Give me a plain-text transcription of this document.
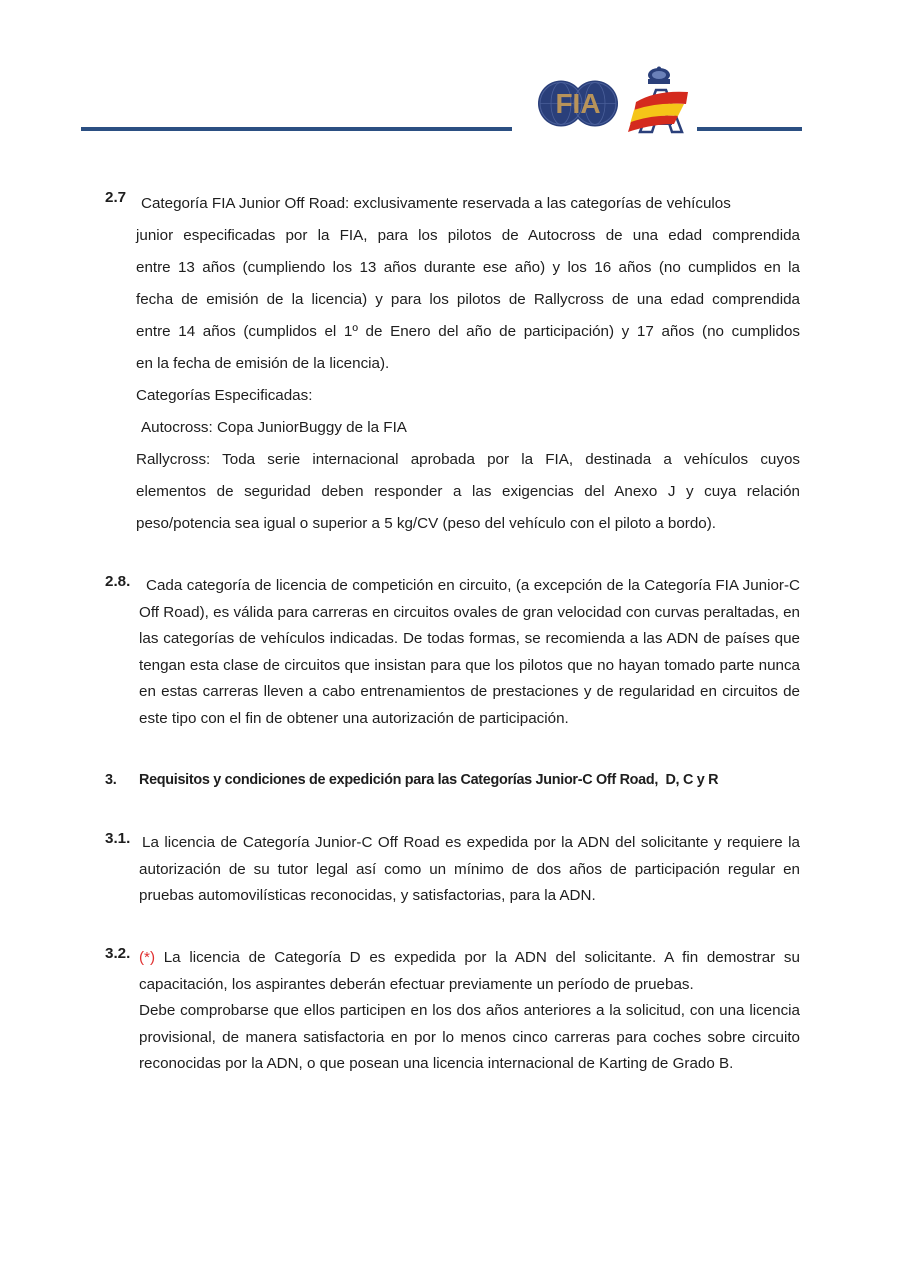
FIA
2.7 Categoría FIA Junior Off Road: exclusivamente reservada a las categorías de vehículos
junior especificadas por la FIA, para los pilotos de Autocross de una edad comprendida
entre 13 años (cumpliendo los 13 años durante ese año) y los 16 años (no cumplidos en la
fecha de emisión de la licencia) y para los pilotos de Rallycross de una edad comprendida
entre 14 años (cumplidos el 1º de Enero del año de participación) y 17 años (no cumplidos
en la fecha de emisión de la licencia).
Categorías Especificadas:
Autocross: Copa JuniorBuggy de la FIA
Rallycross: Toda serie internacional aprobada por la FIA, destinada a vehículos cuyos
elementos de seguridad deben responder a las exigencias del Anexo J y cuya relación
peso/potencia sea igual o superior a 5 kg/CV (peso del vehículo con el piloto a bordo).
2.8.	Cada categoría de licencia de competición en circuito, (a excepción de la Categoría FIA Junior-C Off Road), es válida para carreras en circuitos ovales de gran velocidad con curvas peraltadas, en las categorías de vehículos indicadas. De todas formas, se recomienda a las ADN de países que tengan esta clase de circuitos que insistan para que los pilotos que no hayan tomado parte nunca en estas carreras lleven a cabo entrenamientos de prestaciones y de regularidad en circuitos de este tipo con el fin de obtener una autorización de participación.

3. Requisitos y condiciones de expedición para las Categorías Junior-C Off Road,  D, C y R
3.1. La licencia de Categoría Junior-C Off Road es expedida por la ADN del solicitante y requiere la autorización de su tutor legal así como un mínimo de dos años de participación regular en pruebas automovilísticas reconocidas, y satisfactorias, para la ADN.

3.2. (*) La licencia de Categoría D es expedida por la ADN del solicitante. A fin demostrar su capacitación, los aspirantes deberán efectuar previamente un período de pruebas.

Debe comprobarse que ellos participen en los dos años anteriores a la solicitud, con una licencia provisional, de manera satisfactoria en por lo menos cinco carreras para coches sobre circuito reconocidas por la ADN, o que posean una licencia internacional de Karting de Grado B.
